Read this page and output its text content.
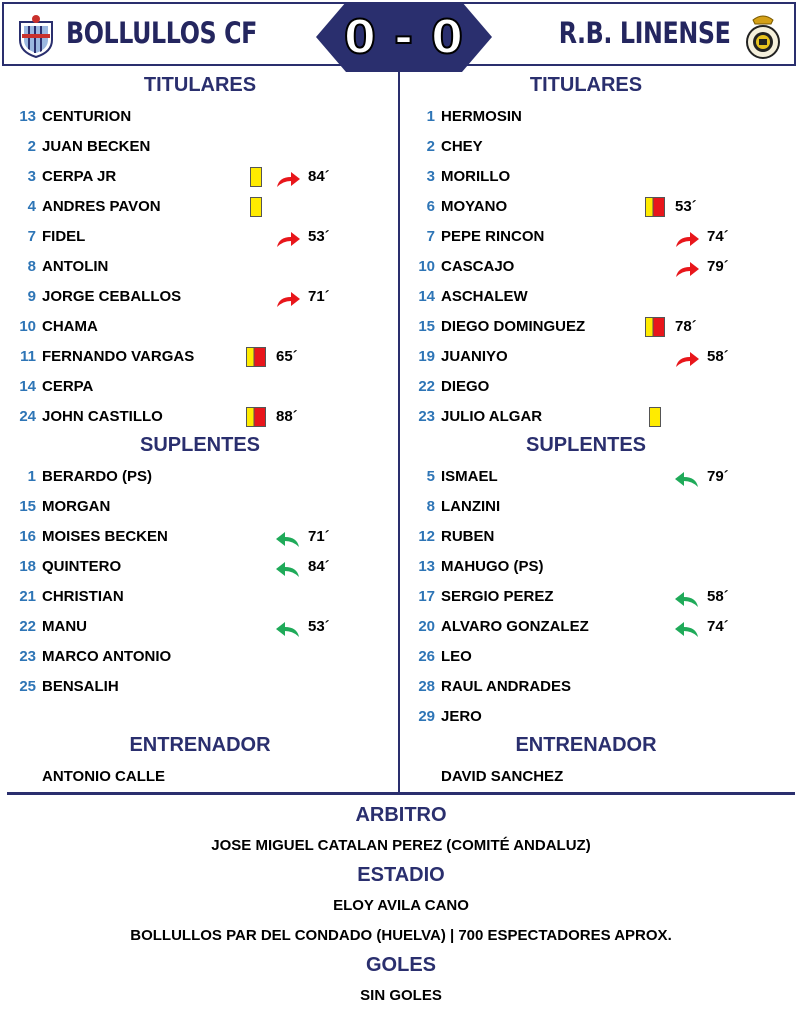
BOLLULLOS CF	R.B. LINENSE
0 - 0
TITULARES
13 CENTURION
2 JUAN BECKEN
3 CERPA JR	84´
4 ANDRES PAVON
7 FIDEL	53´
8 ANTOLIN
9 JORGE CEBALLOS	71´
10 CHAMA
11 FERNANDO VARGAS	65´
14 CERPA
24 JOHN CASTILLO	88´
SUPLENTES
1 BERARDO (PS)
15 MORGAN
16 MOISES BECKEN	71´
18 QUINTERO	84´
21 CHRISTIAN
22 MANU	53´
23 MARCO ANTONIO
25 BENSALIH
ENTRENADOR
ANTONIO CALLE
TITULARES
1 HERMOSIN
2 CHEY
3 MORILLO
6 MOYANO	53´
7 PEPE RINCON	74´
10 CASCAJO	79´
14 ASCHALEW
15 DIEGO DOMINGUEZ	78´
19 JUANIYO	58´
22 DIEGO
23 JULIO ALGAR
SUPLENTES
5 ISMAEL	79´
8 LANZINI
12 RUBEN
13 MAHUGO (PS)
17 SERGIO PEREZ	58´
20 ALVARO GONZALEZ	74´
26 LEO
28 RAUL ANDRADES
29 JERO
ENTRENADOR
DAVID SANCHEZ
ARBITRO
JOSE MIGUEL CATALAN PEREZ (COMITÉ ANDALUZ)
ESTADIO
ELOY AVILA CANO
BOLLULLOS PAR DEL CONDADO (HUELVA) | 700 ESPECTADORES APROX.
GOLES
SIN GOLES
